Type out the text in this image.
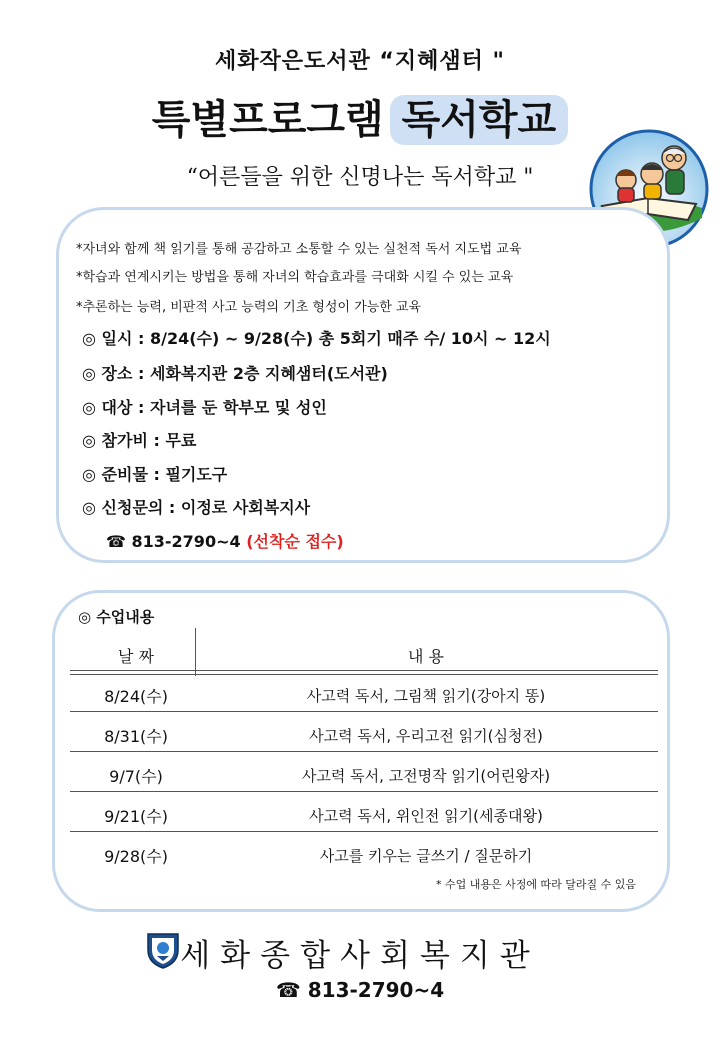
세화작은도서관 “지혜샘터 "
특별프로그램 독서학교
“어른들을 위한 신명나는 독서학교 "
*자녀와 함께 책 읽기를 통해 공감하고 소통할 수 있는 실천적 독서 지도법 교육
*학습과 연계시키는 방법을 통해 자녀의 학습효과를 극대화 시킬 수 있는 교육
*추론하는 능력, 비판적 사고 능력의 기초 형성이 가능한 교육
◎ 일시 : 8/24(수) ~ 9/28(수) 총 5회기 매주 수/ 10시 ~ 12시
◎ 장소 : 세화복지관 2층 지혜샘터(도서관)
◎ 대상 : 자녀를 둔 학부모 및 성인
◎ 참가비 : 무료
◎ 준비물 : 필기도구
◎ 신청문의 : 이정로 사회복지사
☎ 813-2790~4 (선착순 접수)
◎ 수업내용
날 짜	내 용
8/24(수)	사고력 독서, 그림책 읽기(강아지 똥)
8/31(수)	사고력 독서, 우리고전 읽기(심청전)
9/7(수)	사고력 독서, 고전명작 읽기(어린왕자)
9/21(수)	사고력 독서, 위인전 읽기(세종대왕)
9/28(수)	사고를 키우는 글쓰기 / 질문하기
* 수업 내용은 사정에 따라 달라질 수 있음
세화종합사회복지관
☎ 813-2790~4
